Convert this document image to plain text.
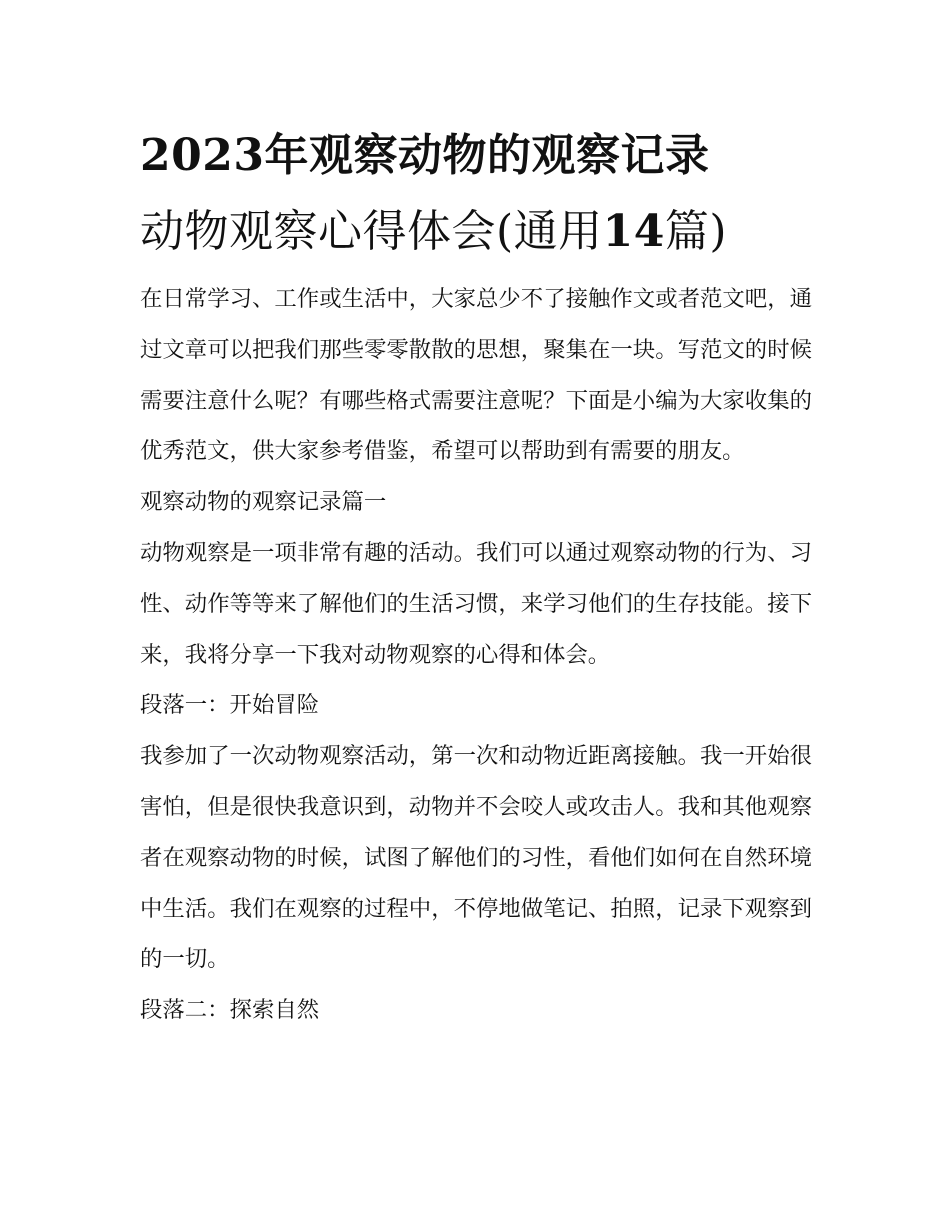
2023年观察动物的观察记录
动物观察心得体会(通用14篇)

在日常学习、工作或生活中，大家总少不了接触作文或者范文吧，通过文章可以把我们那些零零散散的思想，聚集在一块。写范文的时候需要注意什么呢？有哪些格式需要注意呢？下面是小编为大家收集的优秀范文，供大家参考借鉴，希望可以帮助到有需要的朋友。

观察动物的观察记录篇一

动物观察是一项非常有趣的活动。我们可以通过观察动物的行为、习性、动作等等来了解他们的生活习惯，来学习他们的生存技能。接下来，我将分享一下我对动物观察的心得和体会。

段落一：开始冒险

我参加了一次动物观察活动，第一次和动物近距离接触。我一开始很害怕，但是很快我意识到，动物并不会咬人或攻击人。我和其他观察者在观察动物的时候，试图了解他们的习性，看他们如何在自然环境中生活。我们在观察的过程中，不停地做笔记、拍照，记录下观察到的一切。

段落二：探索自然
